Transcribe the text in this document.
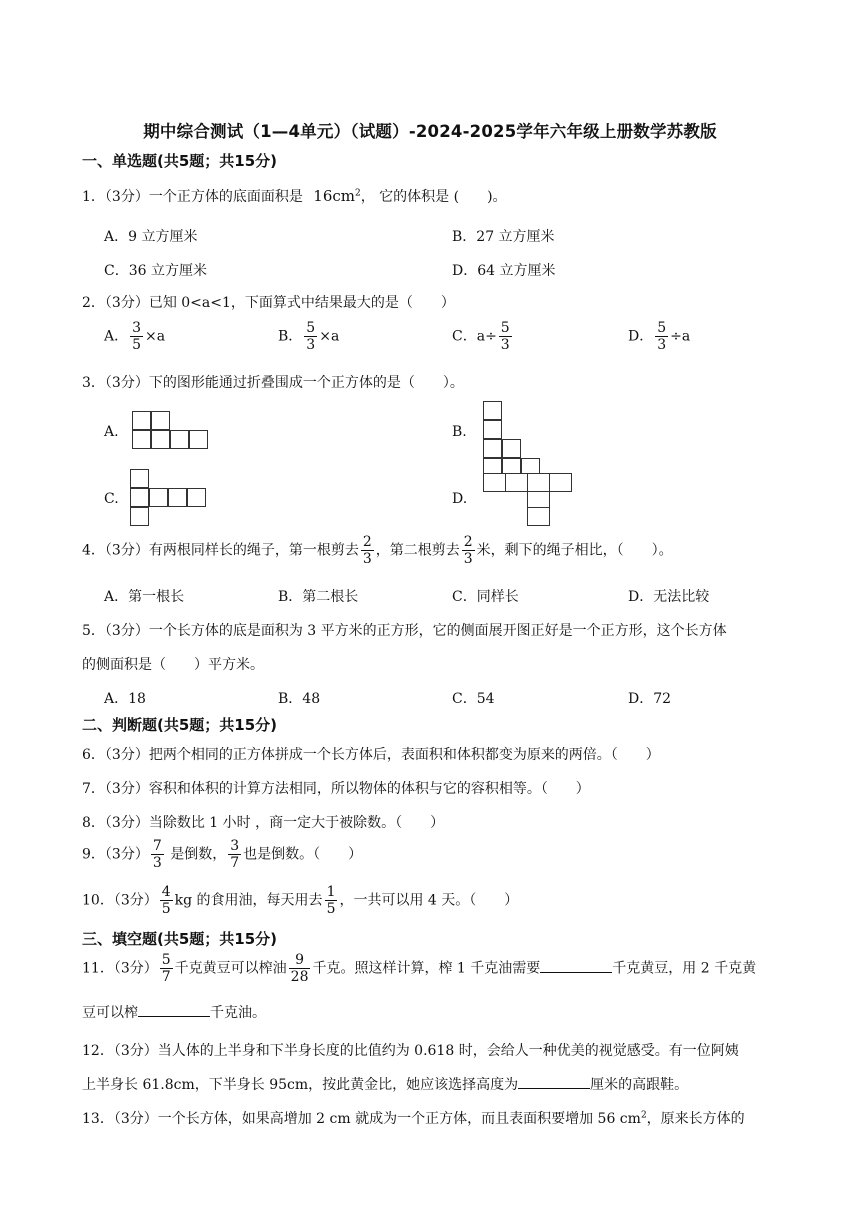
期中综合测试（1—4单元）（试题）-2024-2025学年六年级上册数学苏教版
一、单选题(共5题；共15分)
1．（3分）一个正方体的底面面积是 $16cm^2$， 它的体积是 (　　)。
A．9 立方厘米	B．27 立方厘米
C．36 立方厘米	D．64 立方厘米
2．（3分）已知 0<a<1，下面算式中结果最大的是（　　）
A． $\frac{3}{5} \times a$	B． $\frac{5}{3} \times a$	C．$a\div \frac{5}{3}$	D． $\frac{5}{3} \div a$
3．（3分）下的图形能通过折叠围成一个正方体的是（　　）。
A.	B.
C.	D.
4．（3分）有两根同样长的绳子，第一根剪去 $\frac{2}{3}$ ，第二根剪去 $\frac{2}{3}$ 米，剩下的绳子相比，（　　）。
A．第一根长	B．第二根长	C．同样长	D．无法比较
5．（3分）一个长方体的底是面积为 3 平方米的正方形，它的侧面展开图正好是一个正方形，这个长方体
的侧面积是（　　）平方米。
A．18	B．48	C．54	D．72
二、判断题(共5题；共15分)
6．（3分）把两个相同的正方体拼成一个长方体后，表面积和体积都变为原来的两倍。（　　）
7．（3分）容积和体积的计算方法相同，所以物体的体积与它的容积相等。（　　）
8．（3分）当除数比 1 小时 ，商一定大于被除数。（　　）
9．（3分） $\frac{7}{3}$ 是倒数， $\frac{3}{7}$ 也是倒数。（　　）
10．（3分） $\frac{4}{5}$ kg 的食用油，每天用去 $\frac{1}{5}$ ，一共可以用 4 天。（　　）
三、填空题(共5题；共15分)
11．（3分） $\frac{5}{7}$ 千克黄豆可以榨油 $\frac{9}{28}$ 千克。照这样计算，榨 1 千克油需要	千克黄豆，用 2 千克黄
豆可以榨	千克油。
12．（3分）当人体的上半身和下半身长度的比值约为 0.618 时，会给人一种优美的视觉感受。有一位阿姨
上半身长 61.8cm，下半身长 95cm，按此黄金比，她应该选择高度为	厘米的高跟鞋。
13．（3分）一个长方体，如果高增加 2 cm 就成为一个正方体，而且表面积要增加 56 $cm^2$，原来长方体的
